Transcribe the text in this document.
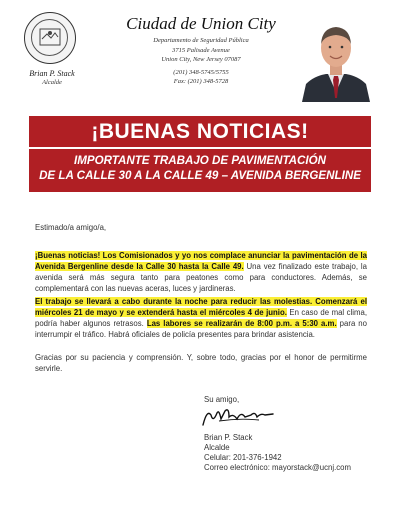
Brian P. Stack
Alcalde
Ciudad de Union City
Departamento de Seguridad Pública
3715 Palisade Avenue
Union City, New Jersey 07087
(201) 348-5745/5755
Fax: (201) 348-5728
¡BUENAS NOTICIAS!
IMPORTANTE TRABAJO DE PAVIMENTACIÓN
DE LA CALLE 30 A LA CALLE 49 – AVENIDA BERGENLINE
Estimado/a amigo/a,
¡Buenas noticias! Los Comisionados y yo nos complace anunciar la pavimentación de la Avenida Bergenline desde la Calle 30 hasta la Calle 49. Una vez finalizado este trabajo, la avenida será más segura tanto para peatones como para conductores. Además, se complementará con las nuevas aceras, luces y jardineras.
El trabajo se llevará a cabo durante la noche para reducir las molestias. Comenzará el miércoles 21 de mayo y se extenderá hasta el miércoles 4 de junio. En caso de mal clima, podría haber algunos retrasos. Las labores se realizarán de 8:00 p.m. a 5:30 a.m. para no interrumpir el tráfico. Habrá oficiales de policía presentes para brindar asistencia.
Gracias por su paciencia y comprensión. Y, sobre todo, gracias por el honor de permitirme servirle.
Su amigo,
Brian P. Stack
Alcalde
Celular: 201-376-1942
Correo electrónico: mayorstack@ucnj.com
